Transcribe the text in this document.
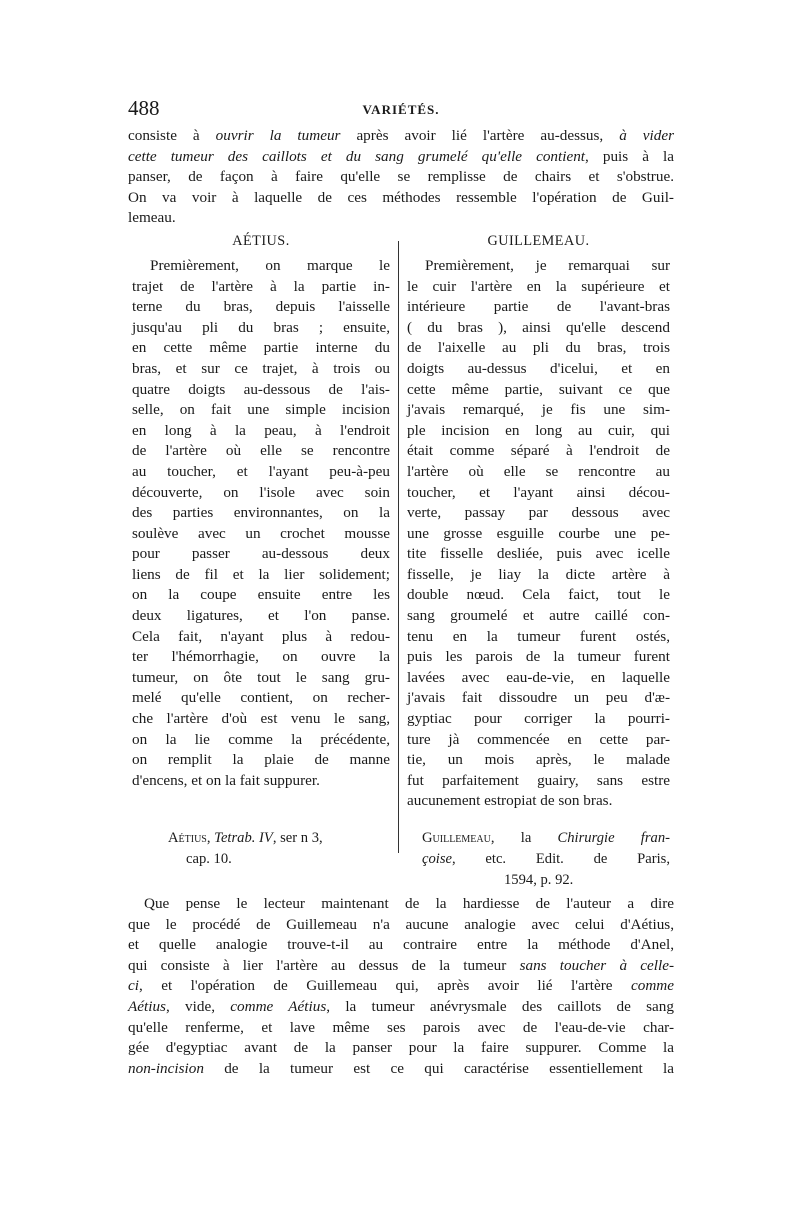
488	VARIÉTÉS.
consiste à ouvrir la tumeur après avoir lié l'artère au-dessus, à vider
cette tumeur des caillots et du sang grumelé qu'elle contient, puis à la
panser, de façon à faire qu'elle se remplisse de chairs et s'obstrue.
On va voir à laquelle de ces méthodes ressemble l'opération de Guil-
lemeau.
AÉTIUS.
Premièrement, on marque le
trajet de l'artère à la partie in-
terne du bras, depuis l'aisselle
jusqu'au pli du bras ; ensuite,
en cette même partie interne du
bras, et sur ce trajet, à trois ou
quatre doigts au-dessous de l'ais-
selle, on fait une simple incision
en long à la peau, à l'endroit
de l'artère où elle se rencontre
au toucher, et l'ayant peu-à-peu
découverte, on l'isole avec soin
des parties environnantes, on la
soulève avec un crochet mousse
pour passer au-dessous deux
liens de fil et la lier solidement;
on la coupe ensuite entre les
deux ligatures, et l'on panse.
Cela fait, n'ayant plus à redou-
ter l'hémorrhagie, on ouvre la
tumeur, on ôte tout le sang gru-
melé qu'elle contient, on recher-
che l'artère d'où est venu le sang,
on la lie comme la précédente,
on remplit la plaie de manne
d'encens, et on la fait suppurer.
GUILLEMEAU.
Premièrement, je remarquai sur
le cuir l'artère en la supérieure et
intérieure partie de l'avant-bras
( du bras ), ainsi qu'elle descend
de l'aixelle au pli du bras, trois
doigts au-dessus d'icelui, et en
cette même partie, suivant ce que
j'avais remarqué, je fis une sim-
ple incision en long au cuir, qui
était comme séparé à l'endroit de
l'artère où elle se rencontre au
toucher, et l'ayant ainsi décou-
verte, passay par dessous avec
une grosse esguille courbe une pe-
tite fisselle desliée, puis avec icelle
fisselle, je liay la dicte artère à
double nœud. Cela faict, tout le
sang groumelé et autre caillé con-
tenu en la tumeur furent ostés,
puis les parois de la tumeur furent
lavées avec eau-de-vie, en laquelle
j'avais fait dissoudre un peu d'æ-
gyptiac pour corriger la pourri-
ture jà commencée en cette par-
tie, un mois après, le malade
fut parfaitement guairy, sans estre
aucunement estropiat de son bras.
Aétius, Tetrab. IV, ser n 3,
cap. 10.
Guillemeau, la Chirurgie fran-
çoise, etc. Edit. de Paris,
1594, p. 92.
Que pense le lecteur maintenant de la hardiesse de l'auteur a dire
que le procédé de Guillemeau n'a aucune analogie avec celui d'Aétius,
et quelle analogie trouve-t-il au contraire entre la méthode d'Anel,
qui consiste à lier l'artère au dessus de la tumeur sans toucher à celle-
ci, et l'opération de Guillemeau qui, après avoir lié l'artère comme
Aétius, vide, comme Aétius, la tumeur anévrysmale des caillots de sang
qu'elle renferme, et lave même ses parois avec de l'eau-de-vie char-
gée d'egyptiac avant de la panser pour la faire suppurer. Comme la
non-incision de la tumeur est ce qui caractérise essentiellement la
